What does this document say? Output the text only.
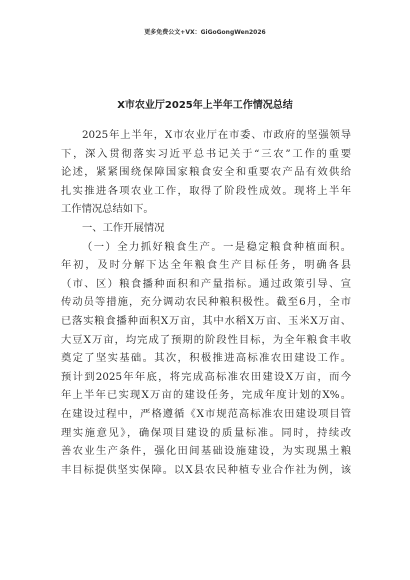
更多免费公文+VX：GiGoGongWen2026
X市农业厅2025年上半年工作情况总结
2025年上半年，X市农业厅在市委、市政府的坚强领导
下，深入贯彻落实习近平总书记关于“三农”工作的重要
论述，紧紧围绕保障国家粮食安全和重要农产品有效供给
扎实推进各项农业工作，取得了阶段性成效。现将上半年
工作情况总结如下。
一、工作开展情况
（一）全力抓好粮食生产。一是稳定粮食种植面积。
年初，及时分解下达全年粮食生产目标任务，明确各县
（市、区）粮食播种面积和产量指标。通过政策引导、宣
传动员等措施，充分调动农民种粮积极性。截至6月，全市
已落实粮食播种面积X万亩，其中水稻X万亩、玉米X万亩、
大豆X万亩，均完成了预期的阶段性目标，为全年粮食丰收
奠定了坚实基础。其次，积极推进高标准农田建设工作。
预计到2025年年底，将完成高标准农田建设X万亩，而今
年上半年已实现X万亩的建设任务，完成年度计划的X%。
在建设过程中，严格遵循《X市规范高标准农田建设项目管
理实施意见》，确保项目建设的质量标准。同时，持续改
善农业生产条件，强化田间基础设施建设，为实现黑土粮
丰目标提供坚实保障。以X县农民种植专业合作社为例，该
